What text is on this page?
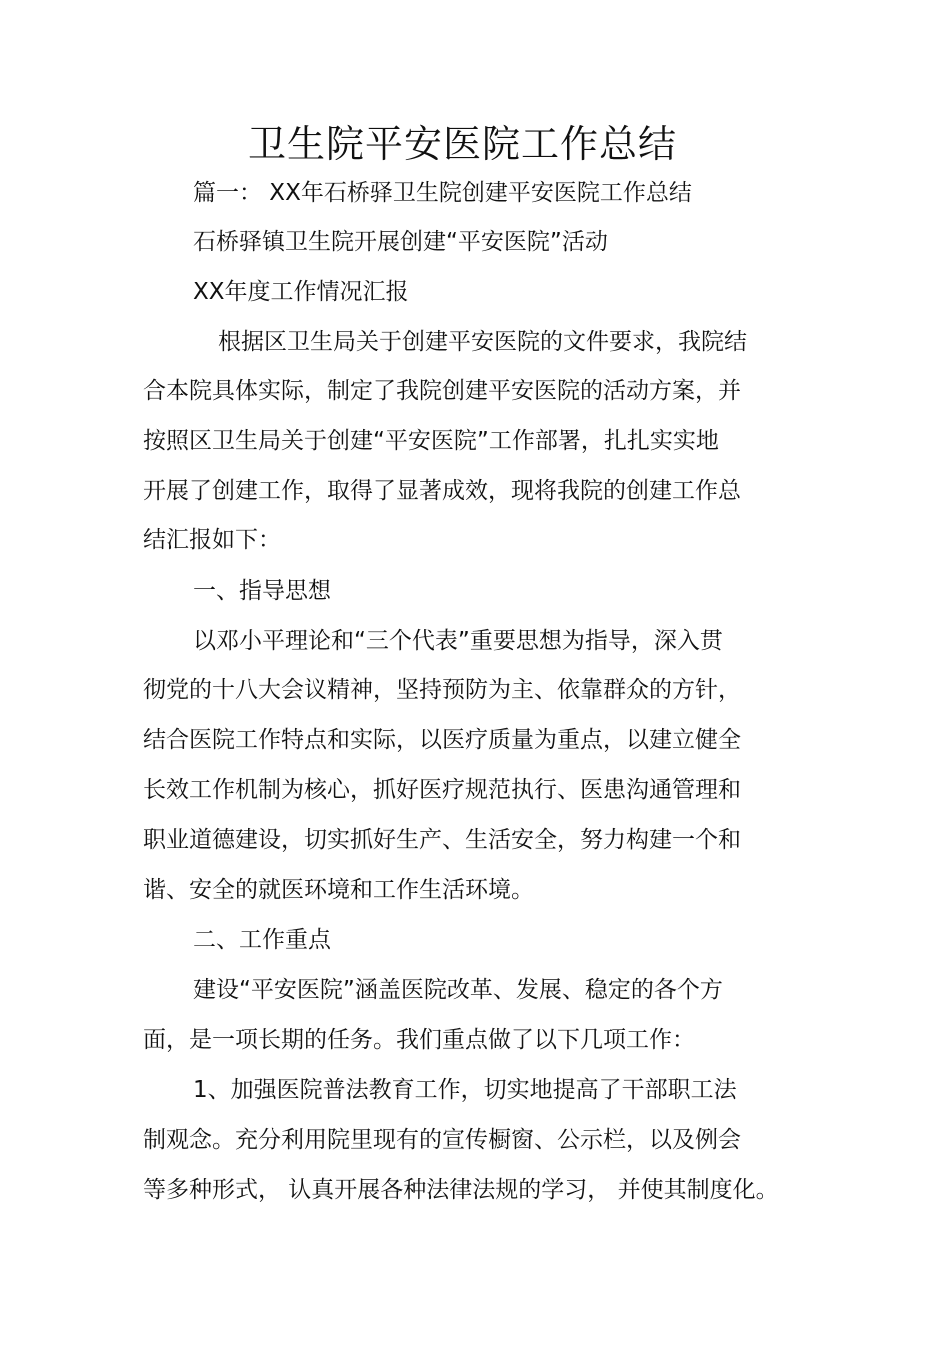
卫生院平安医院工作总结

篇一： XX年石桥驿卫生院创建平安医院工作总结

石桥驿镇卫生院开展创建“平安医院”活动

XX年度工作情况汇报

根据区卫生局关于创建平安医院的文件要求，我院结

合本院具体实际，制定了我院创建平安医院的活动方案，并

按照区卫生局关于创建“平安医院”工作部署，扎扎实实地

开展了创建工作，取得了显著成效，现将我院的创建工作总

结汇报如下：

一、指导思想

以邓小平理论和“三个代表”重要思想为指导，深入贯

彻党的十八大会议精神，坚持预防为主、依靠群众的方针，

结合医院工作特点和实际，以医疗质量为重点，以建立健全

长效工作机制为核心，抓好医疗规范执行、医患沟通管理和

职业道德建设，切实抓好生产、生活安全，努力构建一个和

谐、安全的就医环境和工作生活环境。

二、工作重点

建设“平安医院”涵盖医院改革、发展、稳定的各个方

面，是一项长期的任务。我们重点做了以下几项工作：

1、加强医院普法教育工作，切实地提高了干部职工法

制观念。充分利用院里现有的宣传橱窗、公示栏，以及例会

等多种形式， 认真开展各种法律法规的学习， 并使其制度化。
